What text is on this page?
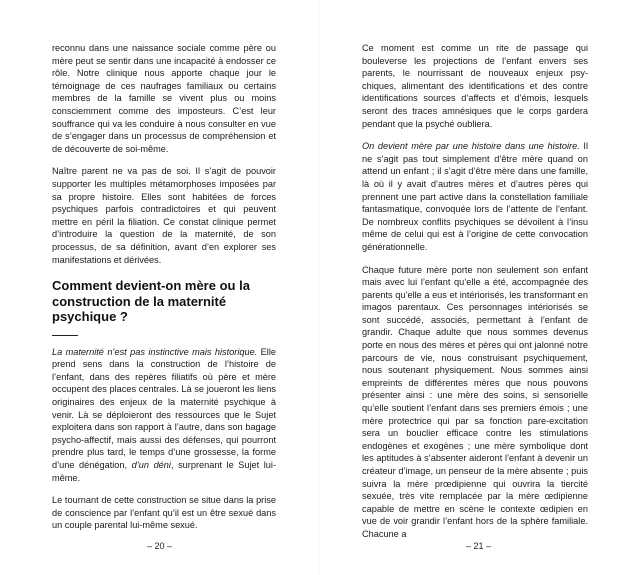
reconnu dans une naissance sociale comme père ou mère peut se sentir dans une incapacité à endosser ce rôle. Notre clinique nous apporte chaque jour le témoignage de ces naufrages familiaux ou certains membres de la famille se vivent plus ou moins consciemment comme des imposteurs. C’est leur souffrance qui va les conduire à nous consulter en vue de s’engager dans un processus de compréhension et de découverte de soi-même.

Naître parent ne va pas de soi. Il s’agit de pouvoir supporter les multiples métamorphoses imposées par sa propre histoire. Elles sont habitées de forces psychiques parfois contradictoires et qui peuvent mettre en péril la filiation. Ce constat clinique permet d’introduire la question de la maternité, de son processus, de sa définition, avant d’en explorer ses manifestations et dérivées.

Comment devient-on mère ou la construction de la maternité psychique ?

La maternité n’est pas instinctive mais historique. Elle prend sens dans la construction de l’histoire de l’enfant, dans des repères filiatifs où père et mère occupent des places centrales. Là se joueront les liens originaires des enjeux de la maternité psychique à venir. Là se déploieront des ressources que le Sujet exploitera dans son rapport à l’autre, dans son bagage psycho-affectif, mais aussi des défenses, qui pourront prendre plus tard, le temps d’une grossesse, la forme d’une dénégation, d’un déni, surprenant le Sujet lui-même.

Le tournant de cette construction se situe dans la prise de conscience par l’enfant qu’il est un être sexué dans un couple parental lui-même sexué.

– 20 –

Ce moment est comme un rite de passage qui bouleverse les projections de l’enfant envers ses parents, le nourrissant de nouveaux enjeux psychiques, alimentant des identifications et des contre identifications sources d’affects et d’émois, lesquels seront des traces amnésiques que le corps gardera pendant que la psyché oubliera.

On devient mère par une histoire dans une histoire. Il ne s’agit pas tout simplement d’être mère quand on attend un enfant ; il s’agit d’être mère dans une famille, là où il y avait d’autres mères et d’autres pères qui prennent une part active dans la constellation familiale fantasmatique, convoquée lors de l’attente de l’enfant. De nombreux conflits psychiques se dévoilent à l’insu même de celui qui est à l’origine de cette convocation générationnelle.

Chaque future mère porte non seulement son enfant mais avec lui l’enfant qu’elle a été, accompagnée des parents qu’elle a eus et intériorisés, les transformant en imagos parentaux. Ces personnages intériorisés se sont succédé, associés, permettant à l’enfant de grandir. Chaque adulte que nous sommes devenus porte en nous des mères et pères qui ont jalonné notre parcours de vie, nous construisant psychiquement, nous soutenant physiquement. Nous sommes ainsi empreints de différentes mères que nous pouvons présenter ainsi : une mère des soins, si sensorielle qu’elle soutient l’enfant dans ses premiers émois ; une mère protectrice qui par sa fonction pare-excitation sera un bouclier efficace contre les stimulations endogènes et exogènes ; une mère symbolique dont les aptitudes à s’absenter aideront l’enfant à devenir un créateur d’image, un penseur de la mère absente ; puis suivra la mère prœdipienne qui ouvrira la tiercité sexuée, très vite remplacée par la mère œdipienne capable de mettre en scène le contexte œdipien en vue de voir grandir l’enfant hors de la sphère familiale. Chacune a

– 21 –
